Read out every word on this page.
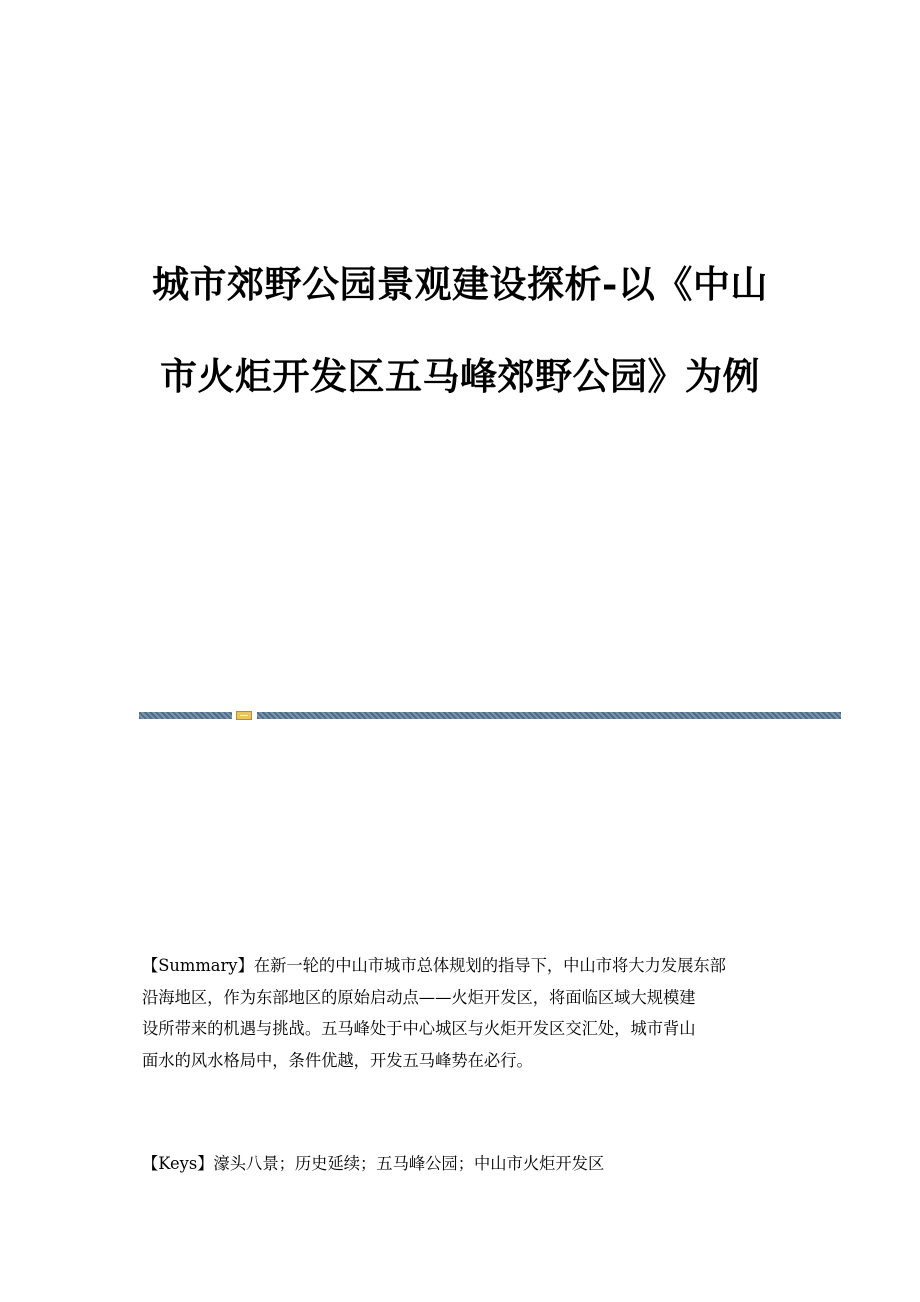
城市郊野公园景观建设探析-以《中山
市火炬开发区五马峰郊野公园》为例
【Summary】在新一轮的中山市城市总体规划的指导下，中山市将大力发展东部
沿海地区，作为东部地区的原始启动点——火炬开发区，将面临区域大规模建
设所带来的机遇与挑战。五马峰处于中心城区与火炬开发区交汇处，城市背山
面水的风水格局中，条件优越，开发五马峰势在必行。
【Keys】濠头八景；历史延续；五马峰公园；中山市火炬开发区
